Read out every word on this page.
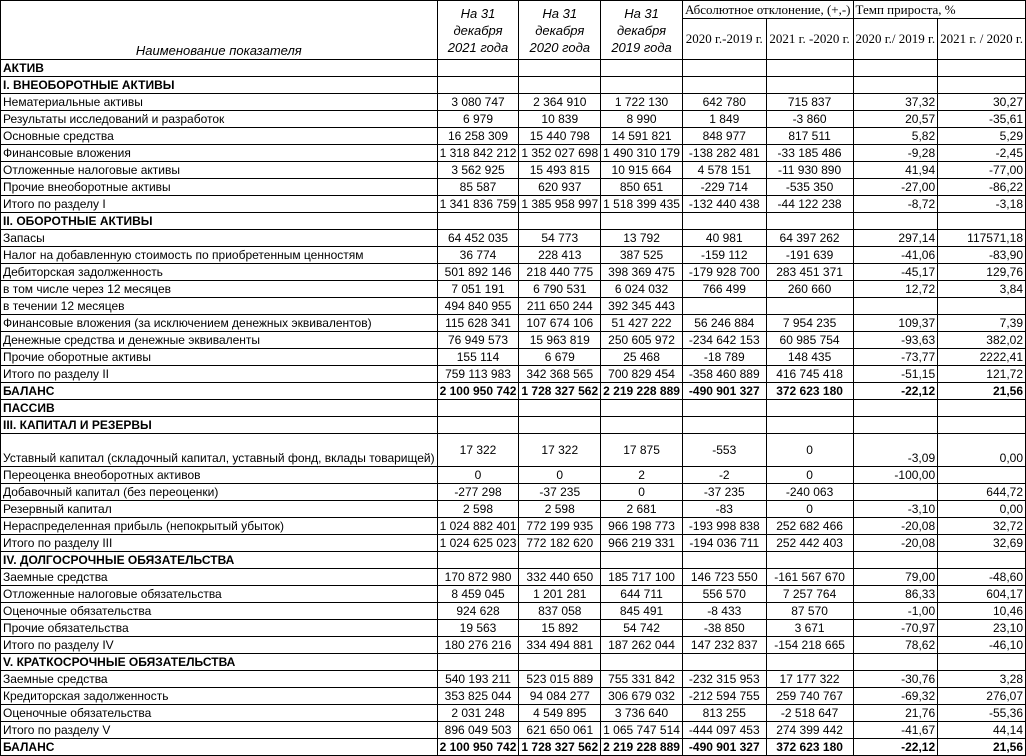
Наименование показателя	На 31 декабря 2021 года	На 31 декабря 2020 года	На 31 декабря 2019 года	Абсолютное отклонение, (+,-)		Темп прироста, %	
				2020 г.-2019 г.	2021 г. -2020 г.	2020 г./ 2019 г.	2021 г. / 2020 г.
АКТИВ							
I. ВНЕОБОРОТНЫЕ АКТИВЫ							
Нематериальные активы	3 080 747	2 364 910	1 722 130	642 780	715 837	37,32	30,27
Результаты исследований и разработок	6 979	10 839	8 990	1 849	-3 860	20,57	-35,61
Основные средства	16 258 309	15 440 798	14 591 821	848 977	817 511	5,82	5,29
Финансовые вложения	1 318 842 212	1 352 027 698	1 490 310 179	-138 282 481	-33 185 486	-9,28	-2,45
Отложенные налоговые активы	3 562 925	15 493 815	10 915 664	4 578 151	-11 930 890	41,94	-77,00
Прочие внеоборотные активы	85 587	620 937	850 651	-229 714	-535 350	-27,00	-86,22
Итого по разделу I	1 341 836 759	1 385 958 997	1 518 399 435	-132 440 438	-44 122 238	-8,72	-3,18
II. ОБОРОТНЫЕ АКТИВЫ							
Запасы	64 452 035	54 773	13 792	40 981	64 397 262	297,14	117571,18
Налог на добавленную стоимость по приобретенным ценностям	36 774	228 413	387 525	-159 112	-191 639	-41,06	-83,90
Дебиторская задолженность	501 892 146	218 440 775	398 369 475	-179 928 700	283 451 371	-45,17	129,76
в том числе через 12 месяцев	7 051 191	6 790 531	6 024 032	766 499	260 660	12,72	3,84
в течении 12 месяцев	494 840 955	211 650 244	392 345 443				
Финансовые вложения (за исключением денежных эквивалентов)	115 628 341	107 674 106	51 427 222	56 246 884	7 954 235	109,37	7,39
Денежные средства и денежные эквиваленты	76 949 573	15 963 819	250 605 972	-234 642 153	60 985 754	-93,63	382,02
Прочие оборотные активы	155 114	6 679	25 468	-18 789	148 435	-73,77	2222,41
Итого по разделу II	759 113 983	342 368 565	700 829 454	-358 460 889	416 745 418	-51,15	121,72
БАЛАНС	2 100 950 742	1 728 327 562	2 219 228 889	-490 901 327	372 623 180	-22,12	21,56
ПАССИВ							
III. КАПИТАЛ И РЕЗЕРВЫ							
Уставный капитал (складочный капитал, уставный фонд, вклады товарищей)	17 322	17 322	17 875	-553	0	-3,09	0,00
Переоценка внеоборотных активов	0	0	2	-2	0	-100,00	
Добавочный капитал (без переоценки)	-277 298	-37 235	0	-37 235	-240 063		644,72
Резервный капитал	2 598	2 598	2 681	-83	0	-3,10	0,00
Нераспределенная прибыль (непокрытый убыток)	1 024 882 401	772 199 935	966 198 773	-193 998 838	252 682 466	-20,08	32,72
Итого по разделу III	1 024 625 023	772 182 620	966 219 331	-194 036 711	252 442 403	-20,08	32,69
IV. ДОЛГОСРОЧНЫЕ ОБЯЗАТЕЛЬСТВА							
Заемные средства	170 872 980	332 440 650	185 717 100	146 723 550	-161 567 670	79,00	-48,60
Отложенные налоговые обязательства	8 459 045	1 201 281	644 711	556 570	7 257 764	86,33	604,17
Оценочные обязательства	924 628	837 058	845 491	-8 433	87 570	-1,00	10,46
Прочие обязательства	19 563	15 892	54 742	-38 850	3 671	-70,97	23,10
Итого по разделу IV	180 276 216	334 494 881	187 262 044	147 232 837	-154 218 665	78,62	-46,10
V. КРАТКОСРОЧНЫЕ ОБЯЗАТЕЛЬСТВА							
Заемные средства	540 193 211	523 015 889	755 331 842	-232 315 953	17 177 322	-30,76	3,28
Кредиторская задолженность	353 825 044	94 084 277	306 679 032	-212 594 755	259 740 767	-69,32	276,07
Оценочные обязательства	2 031 248	4 549 895	3 736 640	813 255	-2 518 647	21,76	-55,36
Итого по разделу V	896 049 503	621 650 061	1 065 747 514	-444 097 453	274 399 442	-41,67	44,14
БАЛАНС	2 100 950 742	1 728 327 562	2 219 228 889	-490 901 327	372 623 180	-22,12	21,56
